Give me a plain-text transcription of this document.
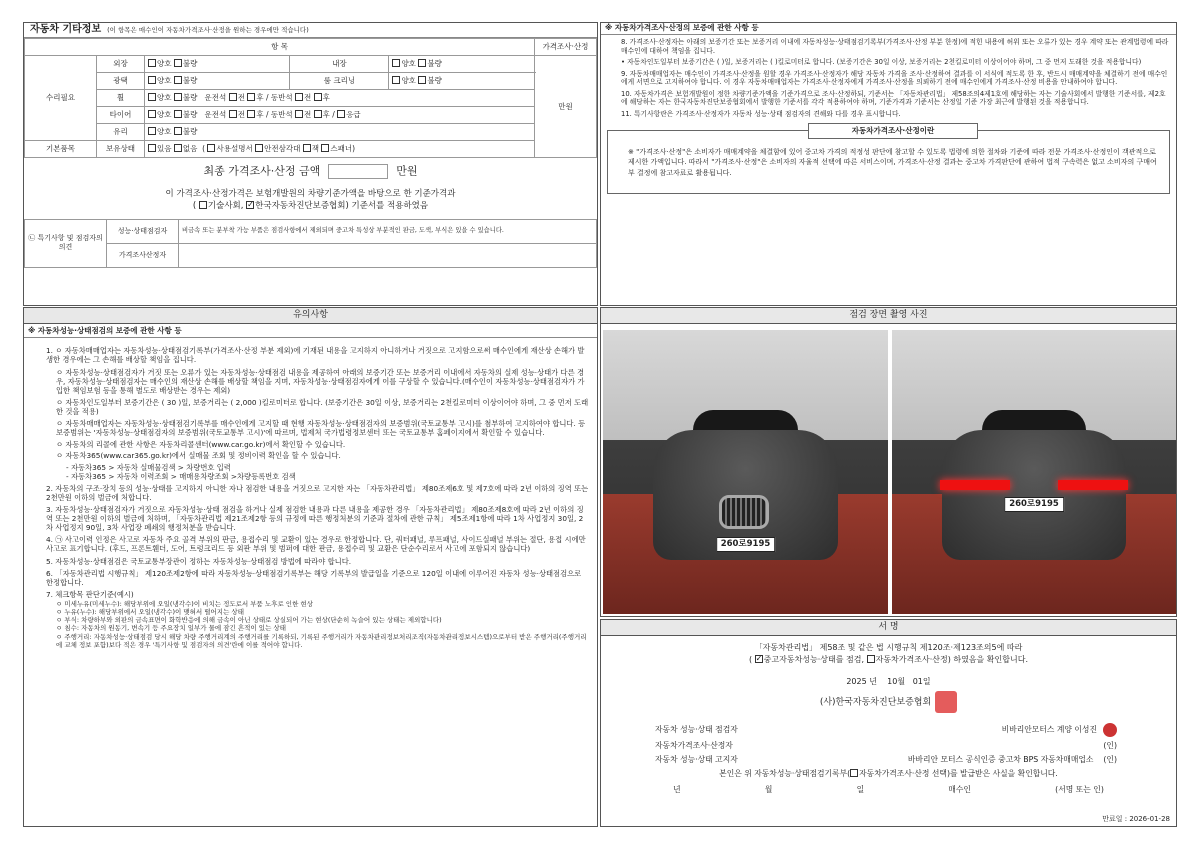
자동차 기타정보 (이 항목은 매수인이 자동차가격조사·산정을 원하는 경우에만 적습니다)
항 목					가격조사·산정
수리필요	외장	양호 불량	내장	양호 불량	만원
	광택	양호 불량	룸 크리닝	양호 불량	
	휠	양호 불량 운전석 전 후 / 동반석 전 후			
	타이어	양호 불량 운전석 전 후 / 동반석 전 후 / 응급			
	유리	양호 불량			
기본품목	보유상태	있음 없음  ( 사용설명서 안전삼각대 잭 스패너)			
최종 가격조사·산정 금액	만원
이 가격조사·산정가격은 보험개발원의 차량기준가액을 바탕으로 한 기준가격과
( 기술사회, ✓ 한국자동차진단보증협회) 기준서를 적용하였음
㉡ 특기사항 및 점검자의 의견	성능·상태점검자	비금속 또는 분부착 가능 부품은 점검사항에서 제외되며 중고차 특성상 부분적인 판금, 도색, 부식은 있을 수 있습니다.
	가격조사산정자	
※ 자동차가격조사·산정의 보증에 관한 사항 등
8. 가격조사·산정자는 아래의 보증기간 또는 보증거리 이내에 자동차성능·상태점검기록부(가격조사·산정 부분 한정)에 적힌 내용에 허위 또는 오류가 있는 경우 계약 또는 관계법령에 따라 매수인에 대하여 책임을 집니다.
• 자동차인도일부터 보증기간은 ( )일, 보증거리는 ( )킬로미터로 합니다. (보증기간은 30일 이상, 보증거리는 2천킬로미터 이상이어야 하며, 그 중 먼저 도래한 것을 적용합니다)
9. 자동차매매업자는 매수인이 가격조사·산정을 원할 경우 가격조사·산정자가 해당 자동차 가격을 조사·산정하여 결과를 이 서식에 적도록 한 후, 반드시 매매계약을 체결하기 전에 매수인에게 서면으로 고지하여야 합니다. 이 경우 자동차매매업자는 가격조사·산정자에게 가격조사·산정을 의뢰하기 전에 매수인에게 가격조사·산정 비용을 안내하여야 합니다.
10. 자동차가격은 보험개발원이 정한 차량기준가액을 기준가격으로 조사·산정하되, 기준서는 「자동차관리법」 제58조의4제1호에 해당하는 자는 기술사회에서 발행한 기준서를, 제2호에 해당하는 자는 한국자동차진단보증협회에서 발행한 기준서를 각각 적용하여야 하며, 기준가격과 기준서는 산정일 기준 가장 최근에 발행된 것을 적용합니다.
11. 특기사항란은 가격조사·산정자가 자동차 성능·상태 점검자의 견해와 다를 경우 표시합니다.
자동차가격조사·산정이란
※ "가격조사·산정"은 소비자가 매매계약을 체결함에 있어 중고차 가격의 적정성 판단에 참고할 수 있도록 법령에 의한 절차와 기준에 따라 전문 가격조사·산정인이 객관적으로 제시한 가액입니다. 따라서 "가격조사·산정"은 소비자의 자율적 선택에 따른 서비스이며, 가격조사·산정 결과는 중고차 가격판단에 관하여 법적 구속력은 없고 소비자의 구매여부 결정에 참고자료로 활용됩니다.
유의사항
※ 자동차성능·상태점검의 보증에 관한 사항 등
1. ㅇ 자동차매매업자는 자동차성능·상태점검기록부(가격조사·산정 부분 제외)에 기재된 내용을 고지하지 아니하거나 거짓으로 고지함으로써 매수인에게 재산상 손해가 발생한 경우에는 그 손해를 배상할 책임을 집니다.
ㅇ 자동차성능·상태점검자가 거짓 또는 오류가 있는 자동차성능·상태점검 내용을 제공하여 아래의 보증기간 또는 보증거리 이내에서 자동차의 실제 성능·상태가 다른 경우, 자동차성능·상태점검자는 매수인의 재산상 손해를 배상할 책임을 지며, 자동차성능·상태점검자에게 이를 구상할 수 있습니다.(매수인이 자동차성능·상태점검자가 가입한 책임보험 등을 통해 별도로 배상받는 경우는 제외)
ㅇ 자동차인도일부터 보증기간은 ( 30 )일, 보증거리는 ( 2,000 )킬로미터로 합니다. (보증기간은 30일 이상, 보증거리는 2천킬로미터 이상이어야 하며, 그 중 먼저 도래한 것을 적용)
ㅇ 자동차매매업자는 자동차성능·상태점검기록부를 매수인에게 고지할 때 현행 자동차성능·상태점검자의 보증범위(국토교통부 고시)를 첨부하여 고지하여야 합니다. 등 보증범위는 '자동차성능·상태점검자의 보증범위(국토교통부 고시)'에 따르며, 법제처 국가법령정보센터 또는 국토교통부 홈페이지에서 확인할 수 있습니다.
ㅇ 자동차의 리콜에 관한 사항은 자동차리콜센터(www.car.go.kr)에서 확인할 수 있습니다.
ㅇ 자동차365(www.car365.go.kr)에서 실매물 조회 및 정비이력 확인을 할 수 있습니다.
- 자동차365 > 자동차 실매물검색 > 차량번호 입력
- 자동차365 > 자동차 이력조회 > 매매용차량조회 >차량등록번호 검색
2. 자동차의 구조·장치 등의 성능·상태를 고지하지 아니한 자나 점검한 내용을 거짓으로 고지한 자는 「자동차관리법」 제80조제6호 및 제7호에 따라 2년 이하의 징역 또는 2천만원 이하의 벌금에 처합니다.
3. 자동차성능·상태점검자가 거짓으로 자동차성능·상태 점검을 하거나 실제 점검한 내용과 다른 내용을 제공한 경우 「자동차관리법」 제80조제8호에 따라 2년 이하의 징역 또는 2천만원 이하의 벌금에 처하며, 「자동차관리법 제21조제2항 등의 규정에 따른 행정처분의 기준과 절차에 관한 규칙」 제5조제1항에 따라 1차 사업정지 30일, 2차 사업정지 90일, 3차 사업장 폐쇄의 행정처분을 받습니다.
4. ㉠ 사고이력 인정은 사고로 자동차 주요 골격 부위의 판금, 용접수리 및 교환이 있는 경우로 한정합니다. 단, 쿼터패널, 루프패널, 사이드실패널 부위는 절단, 용접 시에만 사고로 표기합니다. (후드, 프론트휀더, 도어, 트렁크리드 등 외판 부위 및 범퍼에 대한 판금, 용접수리 및 교환은 단순수리로서 사고에 포함되지 않습니다)
5. 자동차성능·상태점검은 국토교통부장관이 정하는 자동차성능·상태점검 방법에 따라야 합니다.
6. 「자동차관리법 시행규칙」 제120조제2항에 따라 자동차성능·상태점검기록부는 해당 기록부의 발급일을 기준으로 120일 이내에 이루어진 자동차 성능·상태점검으로 한정합니다.
7. 체크항목 판단기준(예시)
ㅇ 미세누유(미세누수): 해당부위에 오일(냉각수)이 비치는 정도로서 부품 노후로 인한 현상
ㅇ 누유(누수): 해당부위에서 오일(냉각수)이 맺혀서 떨어지는 상태
ㅇ 부식: 차량하부와 외판의 금속표면이 화학반응에 의해 금속이 아닌 상태로 상실되어 가는 현상(단순히 녹슬어 있는 상태는 제외합니다)
ㅇ 침수: 자동차의 원동기, 변속기 등 주요장치 일부가 물에 잠긴 흔적이 있는 상태
ㅇ 주행거리: 자동차성능·상태점검 당시 해당 차량 주행거리계의 주행거리를 기록하되, 기록된 주행거리가 자동차관리정보처리조직(자동차관리정보시스템)으로부터 받은 주행거리(주행거리에 교체 정보 포함)보다 적은 경우 '특기사항 및 점검자의 의견'란에 이를 적어야 합니다.
점검 장면 촬영 사진
260로9195
260로9195
서 명
「자동차관리법」 제58조 및 같은 법 시행규칙 제120조·제123조의5에 따라
( ✓중고자동차성능·상태를 점검, 자동차가격조사·산정) 하였음을 확인합니다.
2025 년 10월 01일
(사)한국자동차진단보증협회
자동차 성능·상태 점검자	비바리안모터스 계양 이성진
자동차가격조사·산정자	(인)
자동차 성능·상태 고지자	바바리안 모터스 공식인증 중고차 BPS 자동차매매업소 (인)
본인은 위 자동차성능·상태점검기록부( 자동차가격조사·산정 선택)를 발급받은 사실을 확인합니다.
년	월	일	매수인	(서명 또는 인)
만료일 : 2026-01-28
